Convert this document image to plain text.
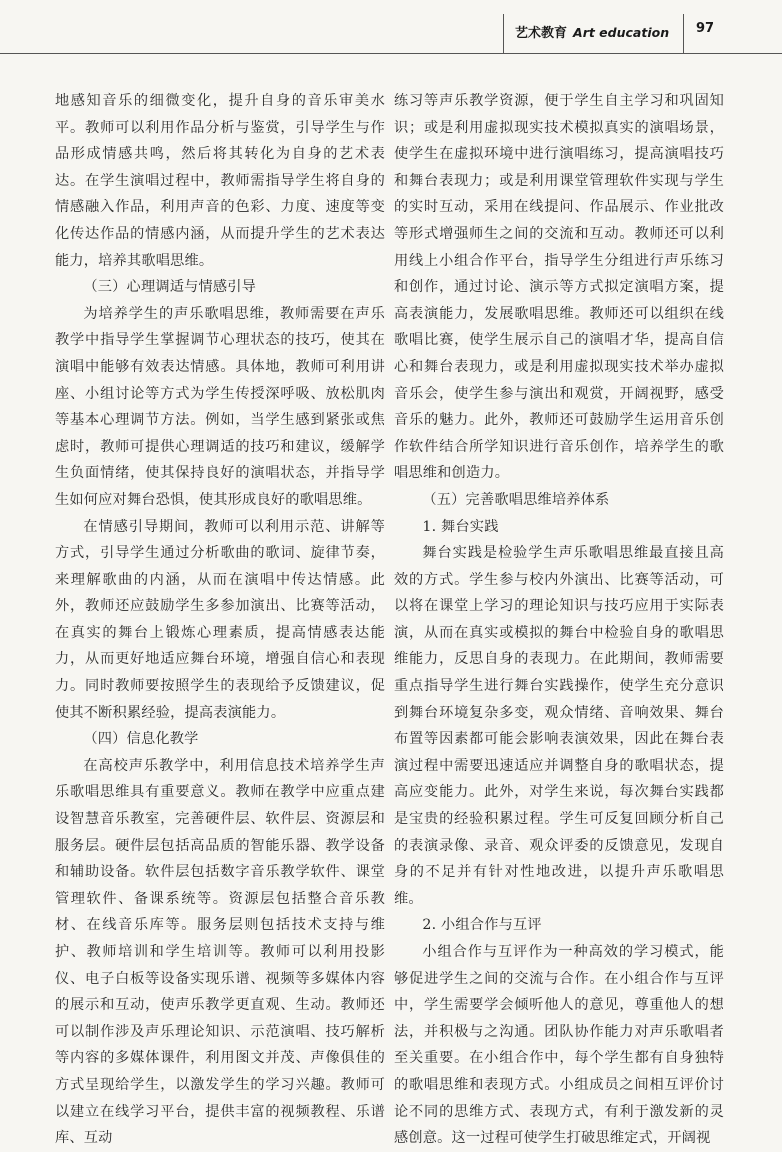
艺术教育 Art education 97

地感知音乐的细微变化，提升自身的音乐审美水平。教师可以利用作品分析与鉴赏，引导学生与作品形成情感共鸣，然后将其转化为自身的艺术表达。在学生演唱过程中，教师需指导学生将自身的情感融入作品，利用声音的色彩、力度、速度等变化传达作品的情感内涵，从而提升学生的艺术表达能力，培养其歌唱思维。

（三）心理调适与情感引导

为培养学生的声乐歌唱思维，教师需要在声乐教学中指导学生掌握调节心理状态的技巧，使其在演唱中能够有效表达情感。具体地，教师可利用讲座、小组讨论等方式为学生传授深呼吸、放松肌肉等基本心理调节方法。例如，当学生感到紧张或焦虑时，教师可提供心理调适的技巧和建议，缓解学生负面情绪，使其保持良好的演唱状态，并指导学生如何应对舞台恐惧，使其形成良好的歌唱思维。

在情感引导期间，教师可以利用示范、讲解等方式，引导学生通过分析歌曲的歌词、旋律节奏，来理解歌曲的内涵，从而在演唱中传达情感。此外，教师还应鼓励学生多参加演出、比赛等活动，在真实的舞台上锻炼心理素质，提高情感表达能力，从而更好地适应舞台环境，增强自信心和表现力。同时教师要按照学生的表现给予反馈建议，促使其不断积累经验，提高表演能力。

（四）信息化教学

在高校声乐教学中，利用信息技术培养学生声乐歌唱思维具有重要意义。教师在教学中应重点建设智慧音乐教室，完善硬件层、软件层、资源层和服务层。硬件层包括高品质的智能乐器、教学设备和辅助设备。软件层包括数字音乐教学软件、课堂管理软件、备课系统等。资源层包括整合音乐教材、在线音乐库等。服务层则包括技术支持与维护、教师培训和学生培训等。教师可以利用投影仪、电子白板等设备实现乐谱、视频等多媒体内容的展示和互动，使声乐教学更直观、生动。教师还可以制作涉及声乐理论知识、示范演唱、技巧解析等内容的多媒体课件，利用图文并茂、声像俱佳的方式呈现给学生，以激发学生的学习兴趣。教师可以建立在线学习平台，提供丰富的视频教程、乐谱库、互动

练习等声乐教学资源，便于学生自主学习和巩固知识；或是利用虚拟现实技术模拟真实的演唱场景，使学生在虚拟环境中进行演唱练习，提高演唱技巧和舞台表现力；或是利用课堂管理软件实现与学生的实时互动，采用在线提问、作品展示、作业批改等形式增强师生之间的交流和互动。教师还可以利用线上小组合作平台，指导学生分组进行声乐练习和创作，通过讨论、演示等方式拟定演唱方案，提高表演能力，发展歌唱思维。教师还可以组织在线歌唱比赛，使学生展示自己的演唱才华，提高自信心和舞台表现力，或是利用虚拟现实技术举办虚拟音乐会，使学生参与演出和观赏，开阔视野，感受音乐的魅力。此外，教师还可鼓励学生运用音乐创作软件结合所学知识进行音乐创作，培养学生的歌唱思维和创造力。

（五）完善歌唱思维培养体系

1. 舞台实践

舞台实践是检验学生声乐歌唱思维最直接且高效的方式。学生参与校内外演出、比赛等活动，可以将在课堂上学习的理论知识与技巧应用于实际表演，从而在真实或模拟的舞台中检验自身的歌唱思维能力，反思自身的表现力。在此期间，教师需要重点指导学生进行舞台实践操作，使学生充分意识到舞台环境复杂多变，观众情绪、音响效果、舞台布置等因素都可能会影响表演效果，因此在舞台表演过程中需要迅速适应并调整自身的歌唱状态，提高应变能力。此外，对学生来说，每次舞台实践都是宝贵的经验积累过程。学生可反复回顾分析自己的表演录像、录音、观众评委的反馈意见，发现自身的不足并有针对性地改进，以提升声乐歌唱思维。

2. 小组合作与互评

小组合作与互评作为一种高效的学习模式，能够促进学生之间的交流与合作。在小组合作与互评中，学生需要学会倾听他人的意见，尊重他人的想法，并积极与之沟通。团队协作能力对声乐歌唱者至关重要。在小组合作中，每个学生都有自身独特的歌唱思维和表现方式。小组成员之间相互评价讨论不同的思维方式、表现方式，有利于激发新的灵感创意。这一过程可使学生打破思维定式，开阔视
